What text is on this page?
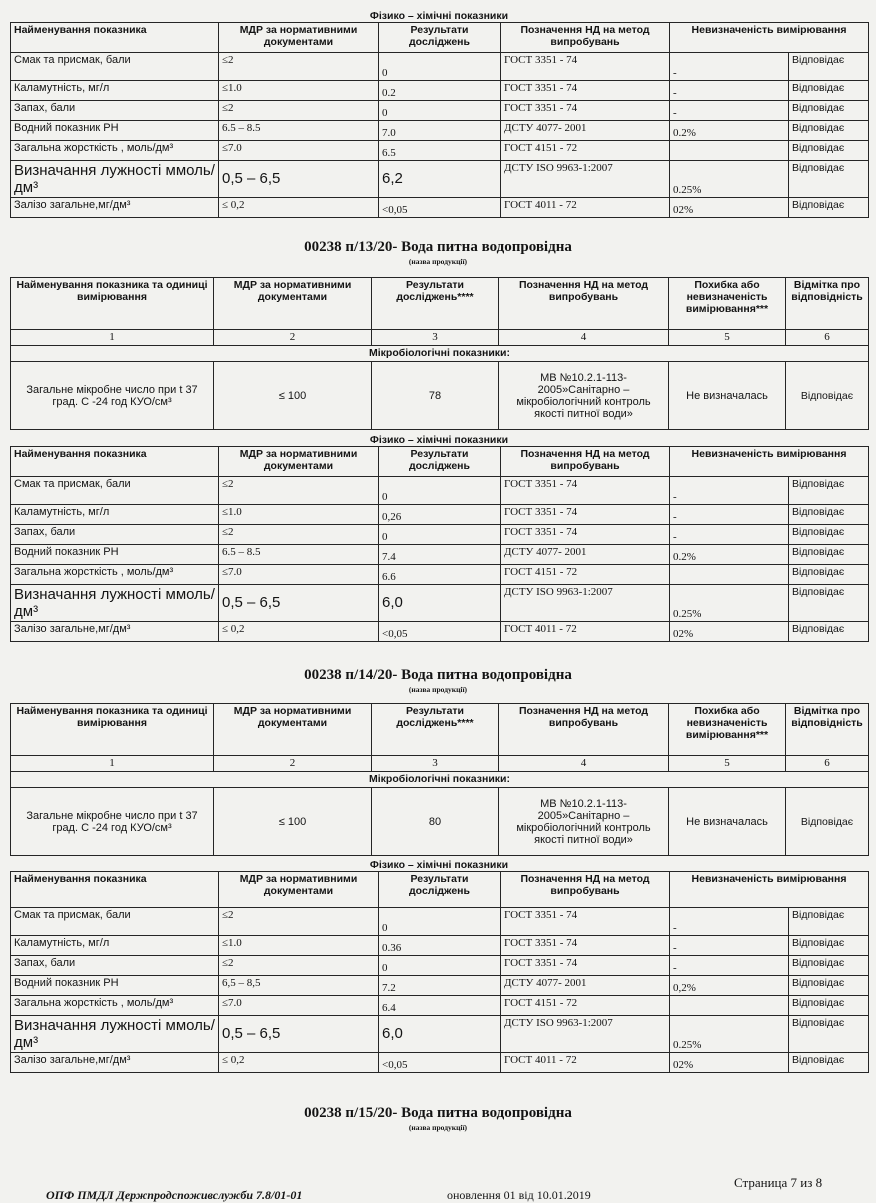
Фізико – хімічні показники
Найменування показника	МДР за нормативними документами	Результати досліджень	Позначення НД на метод випробувань	Невизначеність вимірювання	
Смак та присмак, бали	≤2	0	ГОСТ 3351 - 74	-	Відповідає
Каламутність, мг/л	≤1.0	0.2	ГОСТ 3351 - 74	-	Відповідає
Запах, бали	≤2	0	ГОСТ 3351 - 74	-	Відповідає
Водний показник РН	6.5 – 8.5	7.0	ДСТУ 4077- 2001	0.2%	Відповідає
Загальна жорсткість , моль/дм³	≤7.0	6.5	ГОСТ 4151 - 72		Відповідає
Визначання лужності ммоль/дм³	0,5 – 6,5	6,2	ДСТУ ISO 9963-1:2007	0.25%	Відповідає
Залізо загальне,мг/дм³	≤ 0,2	<0,05	ГОСТ 4011 - 72	02%	Відповідає
00238 п/13/20- Вода питна водопровідна
(назва продукції)
Найменування показника та одиниці вимірювання	МДР за нормативними документами	Результати досліджень****	Позначення НД на метод випробувань	Похибка або невизначеність вимірювання***	Відмітка про відповідність
1	2	3	4	5	6
Мікробіологічні показники:					
Загальне мікробне число при t 37 град. С -24 год КУО/см³	≤ 100	78	МВ №10.2.1-113-2005»Санітарно – мікробіологічний контроль якості питної води»	Не визначалась	Відповідає
Фізико – хімічні показники
Найменування показника	МДР за нормативними документами	Результати досліджень	Позначення НД на метод випробувань	Невизначеність вимірювання	
Смак та присмак, бали	≤2	0	ГОСТ 3351 - 74	-	Відповідає
Каламутність, мг/л	≤1.0	0,26	ГОСТ 3351 - 74	-	Відповідає
Запах, бали	≤2	0	ГОСТ 3351 - 74	-	Відповідає
Водний показник РН	6.5 – 8.5	7.4	ДСТУ 4077- 2001	0.2%	Відповідає
Загальна жорсткість , моль/дм³	≤7.0	6.6	ГОСТ 4151 - 72		Відповідає
Визначання лужності ммоль/дм³	0,5 – 6,5	6,0	ДСТУ ISO 9963-1:2007	0.25%	Відповідає
Залізо загальне,мг/дм³	≤ 0,2	<0,05	ГОСТ 4011 - 72	02%	Відповідає
00238 п/14/20- Вода питна водопровідна
(назва продукції)
Найменування показника та одиниці вимірювання	МДР за нормативними документами	Результати досліджень****	Позначення НД на метод випробувань	Похибка або невизначеність вимірювання***	Відмітка про відповідність
1	2	3	4	5	6
Мікробіологічні показники:					
Загальне мікробне число при t 37 град. С -24 год КУО/см³	≤ 100	80	МВ №10.2.1-113-2005»Санітарно – мікробіологічний контроль якості питної води»	Не визначалась	Відповідає
Фізико – хімічні показники
Найменування показника	МДР за нормативними документами	Результати досліджень	Позначення НД на метод випробувань	Невизначеність вимірювання	
Смак та присмак, бали	≤2	0	ГОСТ 3351 - 74	-	Відповідає
Каламутність, мг/л	≤1.0	0.36	ГОСТ 3351 - 74	-	Відповідає
Запах, бали	≤2	0	ГОСТ 3351 - 74	-	Відповідає
Водний показник РН	6,5 – 8,5	7.2	ДСТУ 4077- 2001	0,2%	Відповідає
Загальна жорсткість , моль/дм³	≤7.0	6.4	ГОСТ 4151 - 72		Відповідає
Визначання лужності ммоль/дм³	0,5 – 6,5	6,0	ДСТУ ISO 9963-1:2007	0.25%	Відповідає
Залізо загальне,мг/дм³	≤ 0,2	<0,05	ГОСТ 4011 - 72	02%	Відповідає
00238 п/15/20- Вода питна водопровідна
(назва продукції)
Страница 7 из 8
ОПФ ПМДЛ Держпродспоживслужби 7.8/01-01	оновлення 01 від 10.01.2019
